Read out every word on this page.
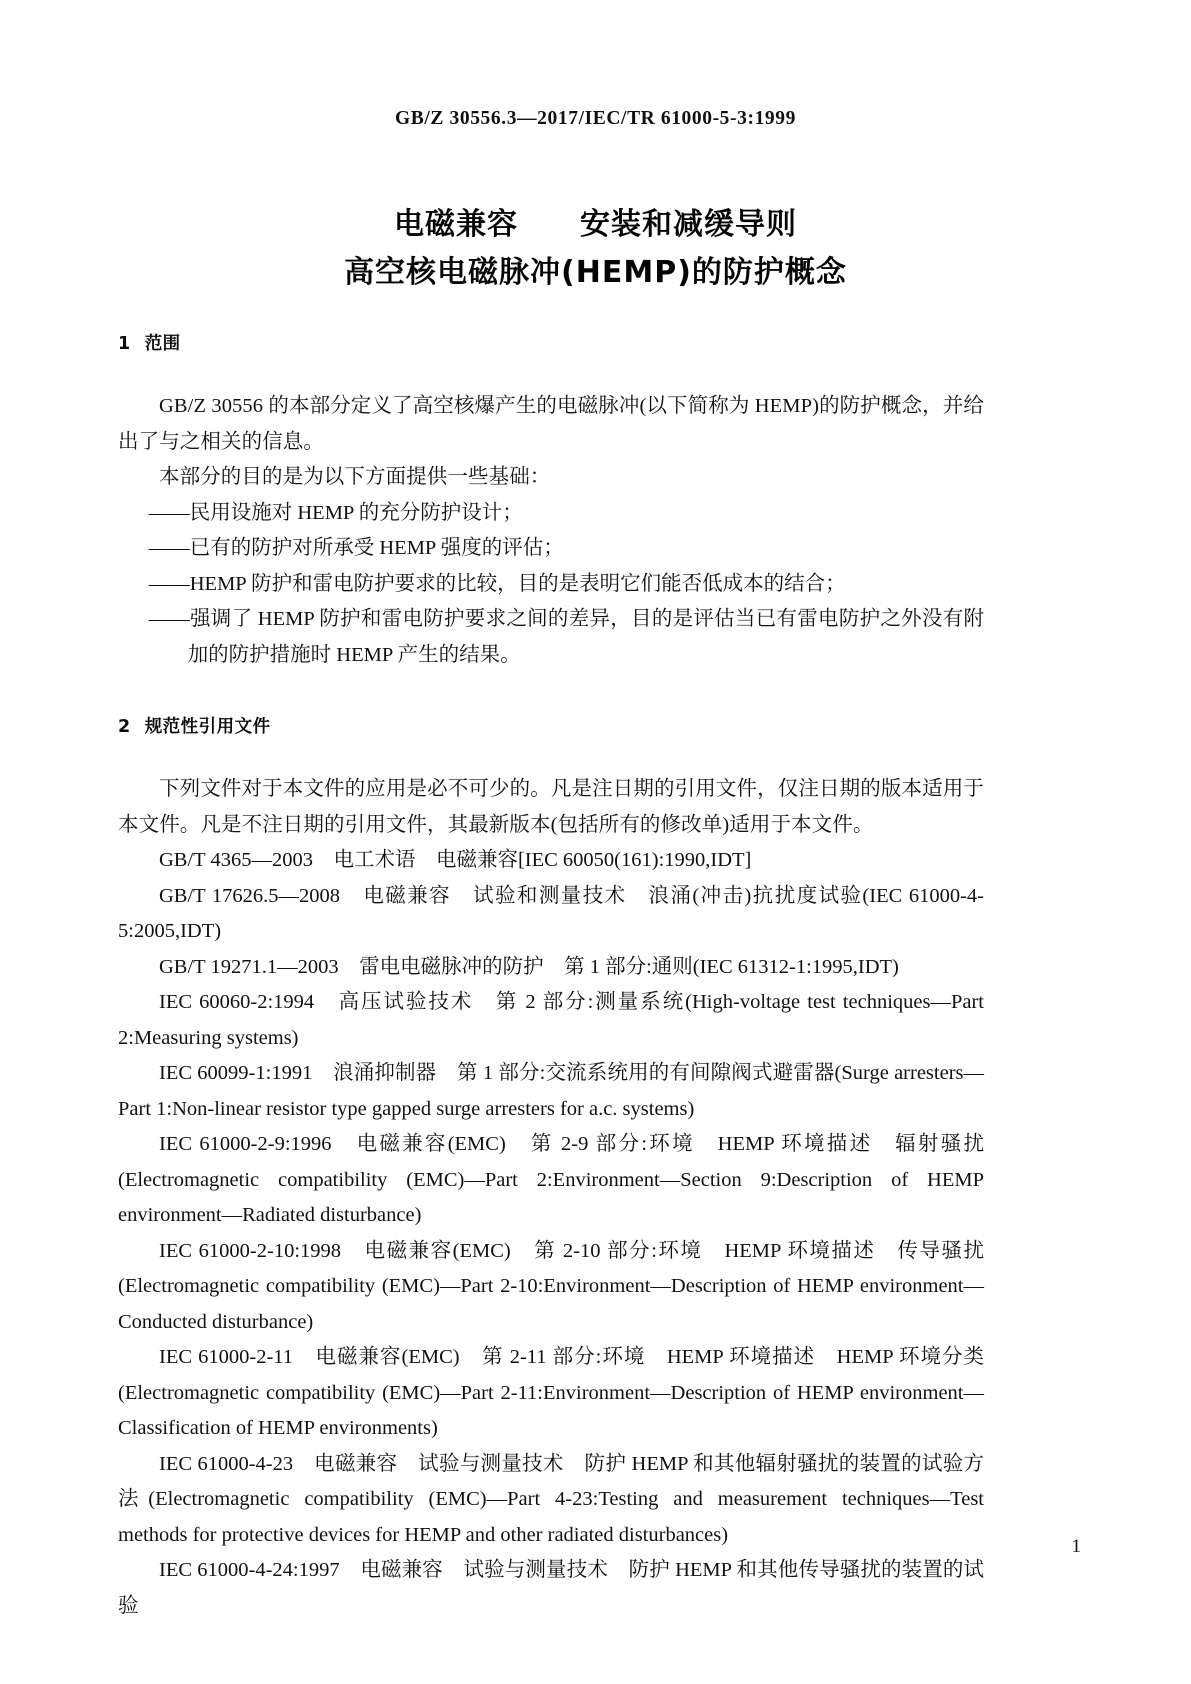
GB/Z 30556.3—2017/IEC/TR 61000-5-3:1999
电磁兼容　　安装和减缓导则
高空核电磁脉冲(HEMP)的防护概念
1 范围

GB/Z 30556 的本部分定义了高空核爆产生的电磁脉冲(以下简称为 HEMP)的防护概念，并给出了与之相关的信息。

本部分的目的是为以下方面提供一些基础：

——民用设施对 HEMP 的充分防护设计；

——已有的防护对所承受 HEMP 强度的评估；

——HEMP 防护和雷电防护要求的比较，目的是表明它们能否低成本的结合；

——强调了 HEMP 防护和雷电防护要求之间的差异，目的是评估当已有雷电防护之外没有附加的防护措施时 HEMP 产生的结果。

2 规范性引用文件

下列文件对于本文件的应用是必不可少的。凡是注日期的引用文件，仅注日期的版本适用于本文件。凡是不注日期的引用文件，其最新版本(包括所有的修改单)适用于本文件。

GB/T 4365—2003　电工术语　电磁兼容[IEC 60050(161):1990,IDT]

GB/T 17626.5—2008　电磁兼容　试验和测量技术　浪涌(冲击)抗扰度试验(IEC 61000-4-5:2005,IDT)

GB/T 19271.1—2003　雷电电磁脉冲的防护　第 1 部分:通则(IEC 61312-1:1995,IDT)

IEC 60060-2:1994　高压试验技术　第 2 部分:测量系统(High-voltage test techniques—Part 2:Measuring systems)

IEC 60099-1:1991　浪涌抑制器　第 1 部分:交流系统用的有间隙阀式避雷器(Surge arresters—Part 1:Non-linear resistor type gapped surge arresters for a.c. systems)

IEC 61000-2-9:1996　电磁兼容(EMC)　第 2-9 部分:环境　HEMP 环境描述　辐射骚扰(Electromagnetic compatibility (EMC)—Part 2:Environment—Section 9:Description of HEMP environment—Radiated disturbance)

IEC 61000-2-10:1998　电磁兼容(EMC)　第 2-10 部分:环境　HEMP 环境描述　传导骚扰(Electromagnetic compatibility (EMC)—Part 2-10:Environment—Description of HEMP environment—Conducted disturbance)

IEC 61000-2-11　电磁兼容(EMC)　第 2-11 部分:环境　HEMP 环境描述　HEMP 环境分类(Electromagnetic compatibility (EMC)—Part 2-11:Environment—Description of HEMP environment—Classification of HEMP environments)

IEC 61000-4-23　电磁兼容　试验与测量技术　防护 HEMP 和其他辐射骚扰的装置的试验方法(Electromagnetic compatibility (EMC)—Part 4-23:Testing and measurement techniques—Test methods for protective devices for HEMP and other radiated disturbances)

IEC 61000-4-24:1997　电磁兼容　试验与测量技术　防护 HEMP 和其他传导骚扰的装置的试验

1
